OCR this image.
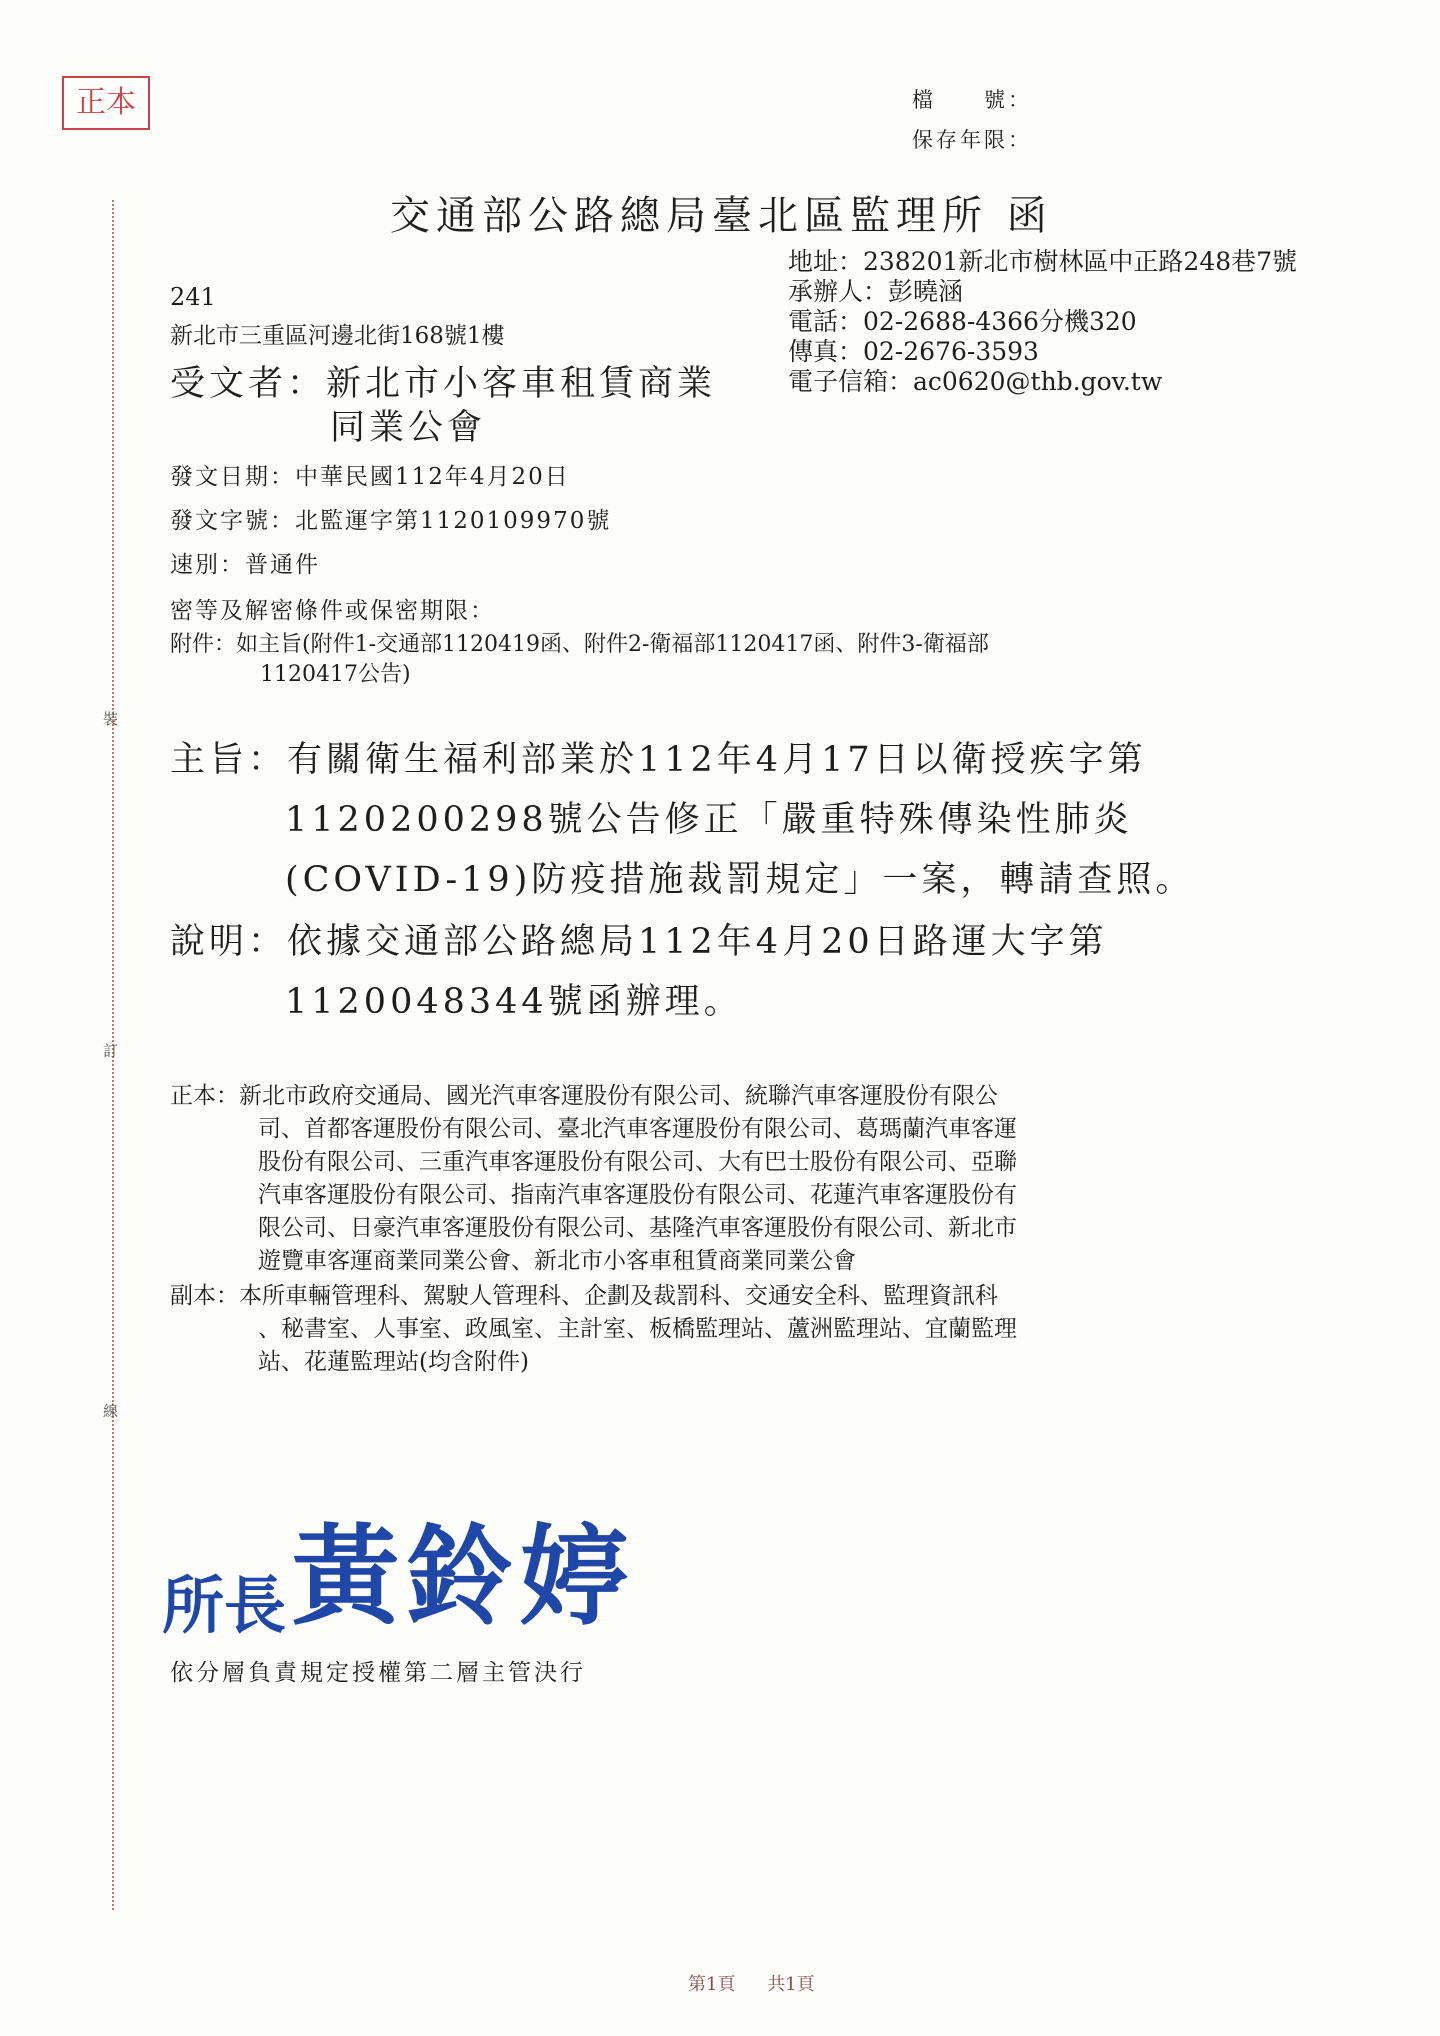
正本	檔　　號：
保存年限：
交通部公路總局臺北區監理所 函
地址：238201新北市樹林區中正路248巷7號
承辦人：彭曉涵
電話：02-2688-4366分機320
傳真：02-2676-3593
電子信箱：ac0620@thb.gov.tw
241
新北市三重區河邊北街168號1樓
受文者：新北市小客車租賃商業
同業公會
發文日期：中華民國112年4月20日
發文字號：北監運字第1120109970號
速別：普通件
密等及解密條件或保密期限：
附件：如主旨(附件1-交通部1120419函、附件2-衛福部1120417函、附件3-衛福部
1120417公告)
主旨：有關衛生福利部業於112年4月17日以衛授疾字第
1120200298號公告修正「嚴重特殊傳染性肺炎
(COVID-19)防疫措施裁罰規定」一案，轉請查照。
說明：依據交通部公路總局112年4月20日路運大字第
1120048344號函辦理。
正本：新北市政府交通局、國光汽車客運股份有限公司、統聯汽車客運股份有限公
司、首都客運股份有限公司、臺北汽車客運股份有限公司、葛瑪蘭汽車客運
股份有限公司、三重汽車客運股份有限公司、大有巴士股份有限公司、亞聯
汽車客運股份有限公司、指南汽車客運股份有限公司、花蓮汽車客運股份有
限公司、日豪汽車客運股份有限公司、基隆汽車客運股份有限公司、新北市
遊覽車客運商業同業公會、新北市小客車租賃商業同業公會
副本：本所車輛管理科、駕駛人管理科、企劃及裁罰科、交通安全科、監理資訊科
、秘書室、人事室、政風室、主計室、板橋監理站、蘆洲監理站、宜蘭監理
站、花蓮監理站(均含附件)
裝
訂
線
所長 黃鈴婷
依分層負責規定授權第二層主管決行
第1頁 共1頁
